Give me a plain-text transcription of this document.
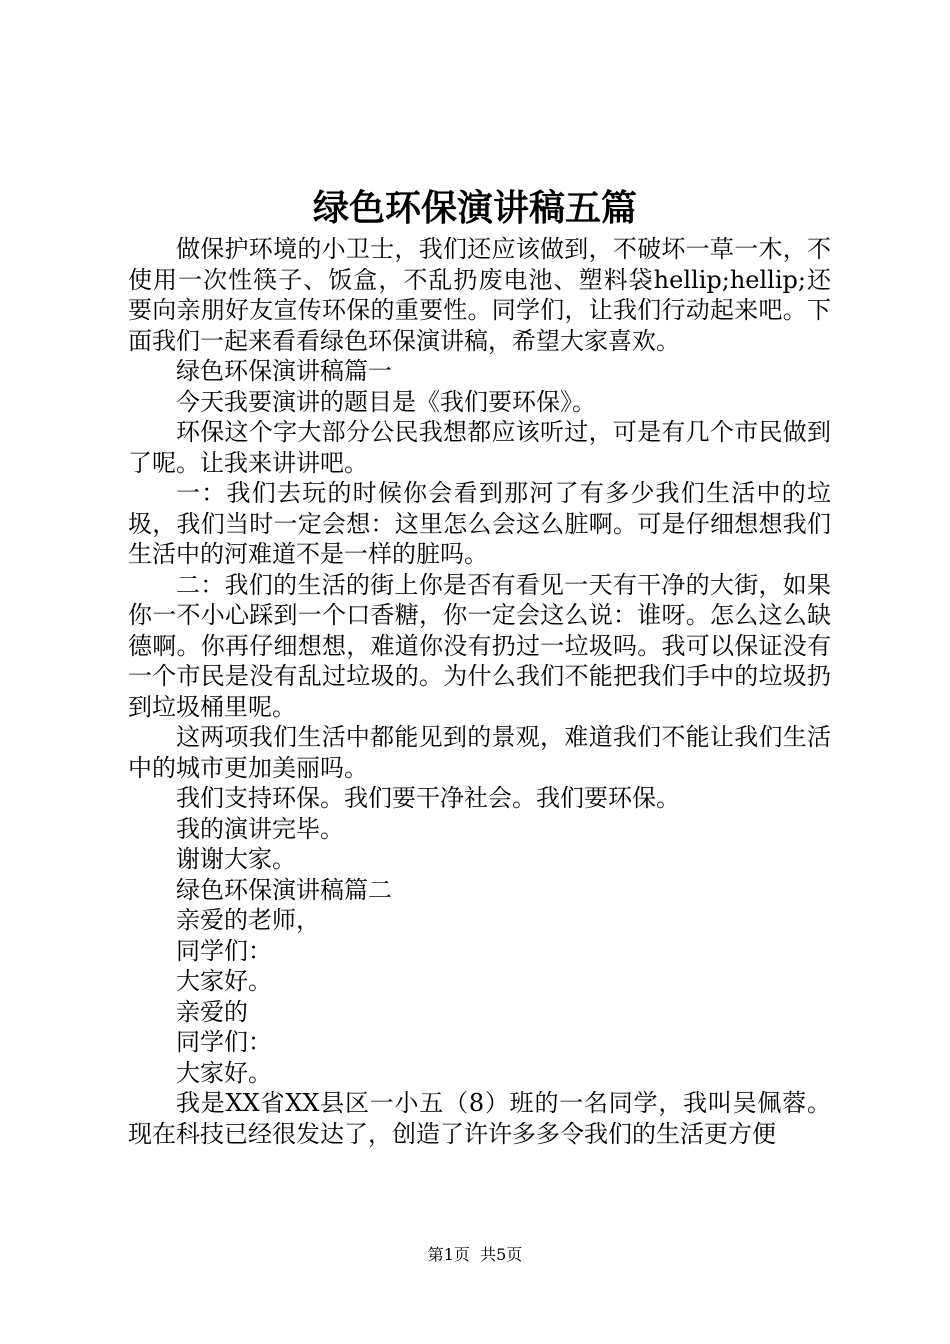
绿色环保演讲稿五篇

做保护环境的小卫士，我们还应该做到，不破坏一草一木，不使用一次性筷子、饭盒，不乱扔废电池、塑料袋hellip;hellip;还要向亲朋好友宣传环保的重要性。同学们，让我们行动起来吧。下面我们一起来看看绿色环保演讲稿，希望大家喜欢。

绿色环保演讲稿篇一

今天我要演讲的题目是《我们要环保》。

环保这个字大部分公民我想都应该听过，可是有几个市民做到了呢。让我来讲讲吧。

一：我们去玩的时候你会看到那河了有多少我们生活中的垃圾，我们当时一定会想：这里怎么会这么脏啊。可是仔细想想我们生活中的河难道不是一样的脏吗。

二：我们的生活的街上你是否有看见一天有干净的大街，如果你一不小心踩到一个口香糖，你一定会这么说：谁呀。怎么这么缺德啊。你再仔细想想，难道你没有扔过一垃圾吗。我可以保证没有一个市民是没有乱过垃圾的。为什么我们不能把我们手中的垃圾扔到垃圾桶里呢。

这两项我们生活中都能见到的景观，难道我们不能让我们生活中的城市更加美丽吗。

我们支持环保。我们要干净社会。我们要环保。

我的演讲完毕。

谢谢大家。

绿色环保演讲稿篇二

亲爱的老师，

同学们：

大家好。

亲爱的

同学们：

大家好。

我是XX省XX县区一小五（8）班的一名同学，我叫吴佩蓉。现在科技已经很发达了，创造了许许多多令我们的生活更方便

第1页 共5页
